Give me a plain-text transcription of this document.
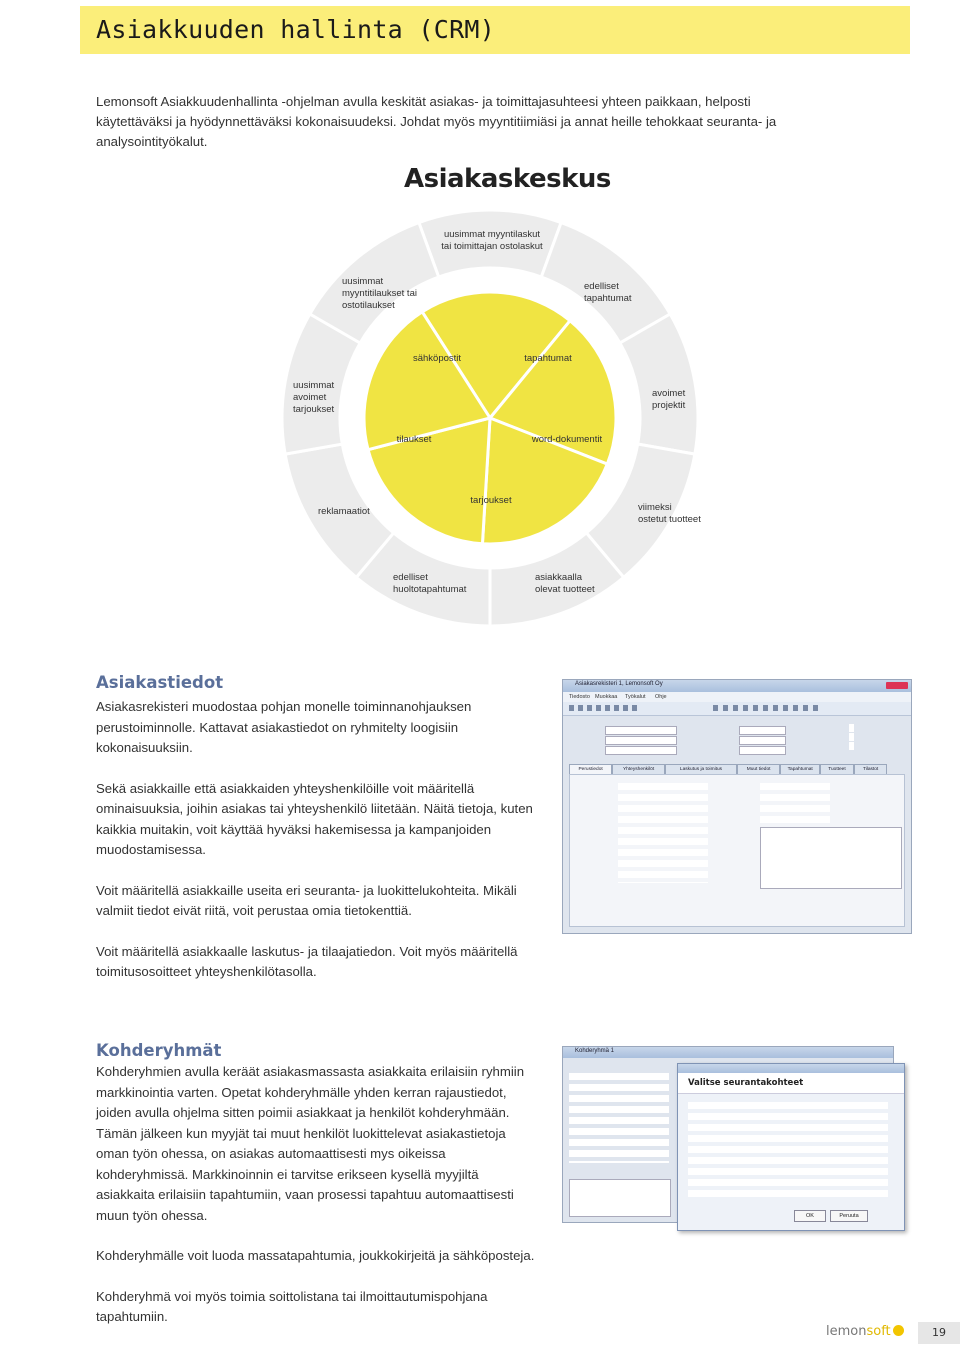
Asiakkuuden hallinta (CRM)
Lemonsoft Asiakkuudenhallinta -ohjelman avulla keskität asiakas- ja toimittajasuhteesi yhteen paikkaan, helposti käytettäväksi ja hyödynnettäväksi kokonaisuudeksi. Johdat myös myyntitiimiäsi ja annat heille tehokkaat seuranta- ja analysointityökalut.
Asiakaskeskus
sähköpostit	tapahtumat
word-dokumentit
tarjoukset
tilaukset
uusimmat myyntilaskut tai toimittajan ostolaskut
edelliset tapahtumat
avoimet projektit
viimeksi ostetut tuotteet
asiakkaalla olevat tuotteet
edelliset huoltotapahtumat
reklamaatiot
uusimmat avoimet tarjoukset
uusimmat myyntitilaukset tai ostotilaukset
Asiakastiedot

Asiakasrekisteri muodostaa pohjan monelle toiminnanohjauksen perustoiminnolle. Kattavat asiakastiedot on ryhmitelty loogisiin kokonaisuuksiin.

Sekä asiakkaille että asiakkaiden yhteyshenkilöille voit määritellä ominaisuuksia, joihin asiakas tai yhteyshenkilö liitetään. Näitä tietoja, kuten kaikkia muitakin, voit käyttää hyväksi hakemisessa ja kampanjoiden muodostamisessa.

Voit määritellä asiakkaille useita eri seuranta- ja luokittelukohteita. Mikäli valmiit tiedot eivät riitä, voit perustaa omia tietokenttiä.

Voit määritellä asiakkaalle laskutus- ja tilaajatiedon. Voit myös määritellä toimitusosoitteet yhteyshenkilötasolla.

Asiakasrekisteri 1, Lemonsoft Oy
Tiedosto Muokkaa Työkalut Ohje
Perustiedot	Yhteyshenkilöt	Laskutus ja toimitus	Muut tiedot	Tapahtumat	Tuotteet	Tilastot
Kohderyhmät

Kohderyhmien avulla keräät asiakasmassasta asiakkaita erilaisiin ryhmiin markkinointia varten. Opetat kohderyhmälle yhden kerran rajaustiedot, joiden avulla ohjelma sitten poimii asiakkaat ja henkilöt kohderyhmään. Tämän jälkeen kun myyjät tai muut henkilöt luokittelevat asiakastietoja oman työn ohessa, on asiakas automaattisesti mys oikeissa kohderyhmissä. Markkinoinnin ei tarvitse erikseen kysellä myyjiltä asiakkaita erilaisiin tapahtumiin, vaan prosessi tapahtuu automaattisesti muun työn ohessa.

Kohderyhmälle voit luoda massatapahtumia, joukkokirjeitä ja sähköposteja.

Kohderyhmä voi myös toimia soittolistana tai ilmoittautumispohjana tapahtumiin.

Kohderyhmä 1
Valitse seurantakohteet
OK	Peruuta
lemonsoft	19
